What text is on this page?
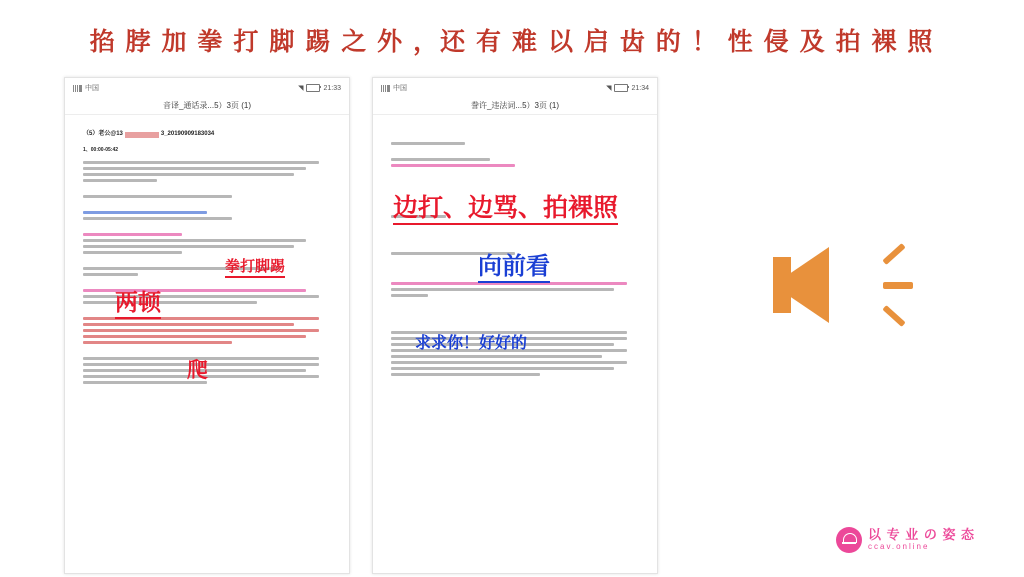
掐 脖 加 拳 打 脚 踢 之 外 ，还 有 难 以 启 齿 的 ！ 性 侵 及 拍 裸 照
中国	◥	21:33
音译_通话录...5）3页 (1)
（5）老公@13	3_20190909183034
1、00:00-05:42
拳打脚踢
两顿
爬
中国	◥	21:34
誊许_违法词...5）3页 (1)
边打、边骂、拍裸照
向前看
求求你！好好的
以 专 业 の 姿 态
ccav.online
